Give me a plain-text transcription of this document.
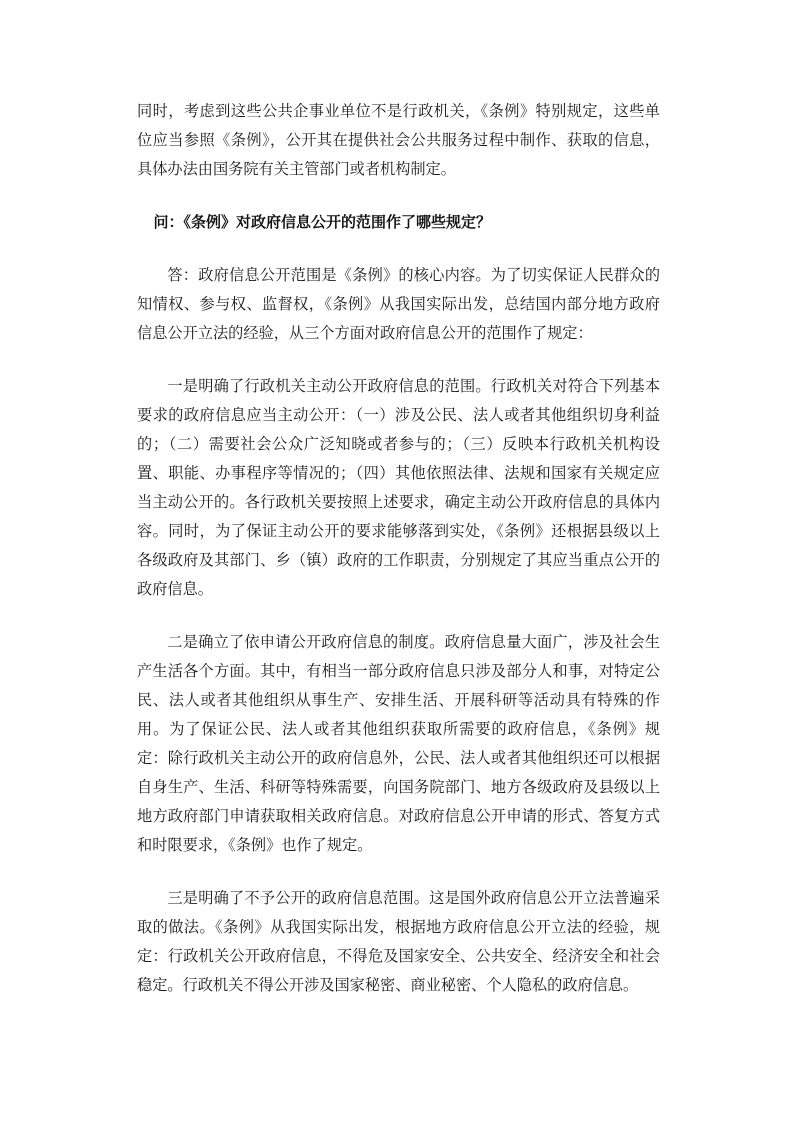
同时，考虑到这些公共企事业单位不是行政机关，《条例》特别规定，这些单位应当参照《条例》，公开其在提供社会公共服务过程中制作、获取的信息，具体办法由国务院有关主管部门或者机构制定。

问：《条例》对政府信息公开的范围作了哪些规定？

答：政府信息公开范围是《条例》的核心内容。为了切实保证人民群众的知情权、参与权、监督权，《条例》从我国实际出发，总结国内部分地方政府信息公开立法的经验，从三个方面对政府信息公开的范围作了规定：

一是明确了行政机关主动公开政府信息的范围。行政机关对符合下列基本要求的政府信息应当主动公开：（一）涉及公民、法人或者其他组织切身利益的；（二）需要社会公众广泛知晓或者参与的；（三）反映本行政机关机构设置、职能、办事程序等情况的；（四）其他依照法律、法规和国家有关规定应当主动公开的。各行政机关要按照上述要求，确定主动公开政府信息的具体内容。同时，为了保证主动公开的要求能够落到实处，《条例》还根据县级以上各级政府及其部门、乡（镇）政府的工作职责，分别规定了其应当重点公开的政府信息。

二是确立了依申请公开政府信息的制度。政府信息量大面广，涉及社会生产生活各个方面。其中，有相当一部分政府信息只涉及部分人和事，对特定公民、法人或者其他组织从事生产、安排生活、开展科研等活动具有特殊的作用。为了保证公民、法人或者其他组织获取所需要的政府信息，《条例》规定：除行政机关主动公开的政府信息外，公民、法人或者其他组织还可以根据自身生产、生活、科研等特殊需要，向国务院部门、地方各级政府及县级以上地方政府部门申请获取相关政府信息。对政府信息公开申请的形式、答复方式和时限要求，《条例》也作了规定。

三是明确了不予公开的政府信息范围。这是国外政府信息公开立法普遍采取的做法。《条例》从我国实际出发，根据地方政府信息公开立法的经验，规定：行政机关公开政府信息，不得危及国家安全、公共安全、经济安全和社会稳定。行政机关不得公开涉及国家秘密、商业秘密、个人隐私的政府信息。
